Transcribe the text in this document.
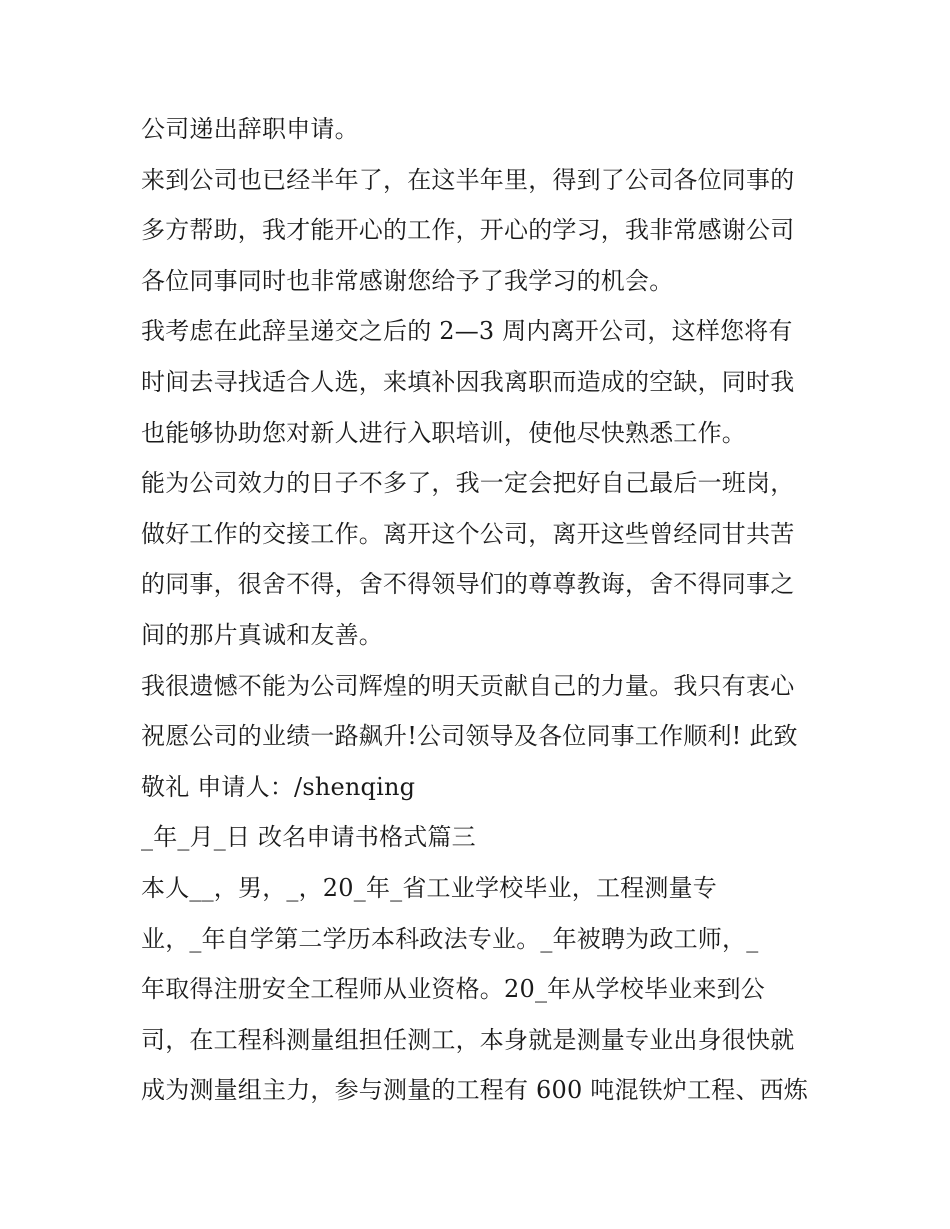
公司递出辞职申请。
来到公司也已经半年了，在这半年里，得到了公司各位同事的
多方帮助，我才能开心的工作，开心的学习，我非常感谢公司
各位同事同时也非常感谢您给予了我学习的机会。
我考虑在此辞呈递交之后的 2—3 周内离开公司，这样您将有
时间去寻找适合人选，来填补因我离职而造成的空缺，同时我
也能够协助您对新人进行入职培训，使他尽快熟悉工作。
能为公司效力的日子不多了，我一定会把好自己最后一班岗，
做好工作的交接工作。离开这个公司，离开这些曾经同甘共苦
的同事，很舍不得，舍不得领导们的尊尊教诲，舍不得同事之
间的那片真诚和友善。
我很遗憾不能为公司辉煌的明天贡献自己的力量。我只有衷心
祝愿公司的业绩一路飙升!公司领导及各位同事工作顺利! 此致
敬礼 申请人：/shenqing
_年_月_日 改名申请书格式篇三
本人__，男，_，20_年_省工业学校毕业，工程测量专
业，_年自学第二学历本科政法专业。_年被聘为政工师，_
年取得注册安全工程师从业资格。20_年从学校毕业来到公
司，在工程科测量组担任测工，本身就是测量专业出身很快就
成为测量组主力，参与测量的工程有 600 吨混铁炉工程、西炼
